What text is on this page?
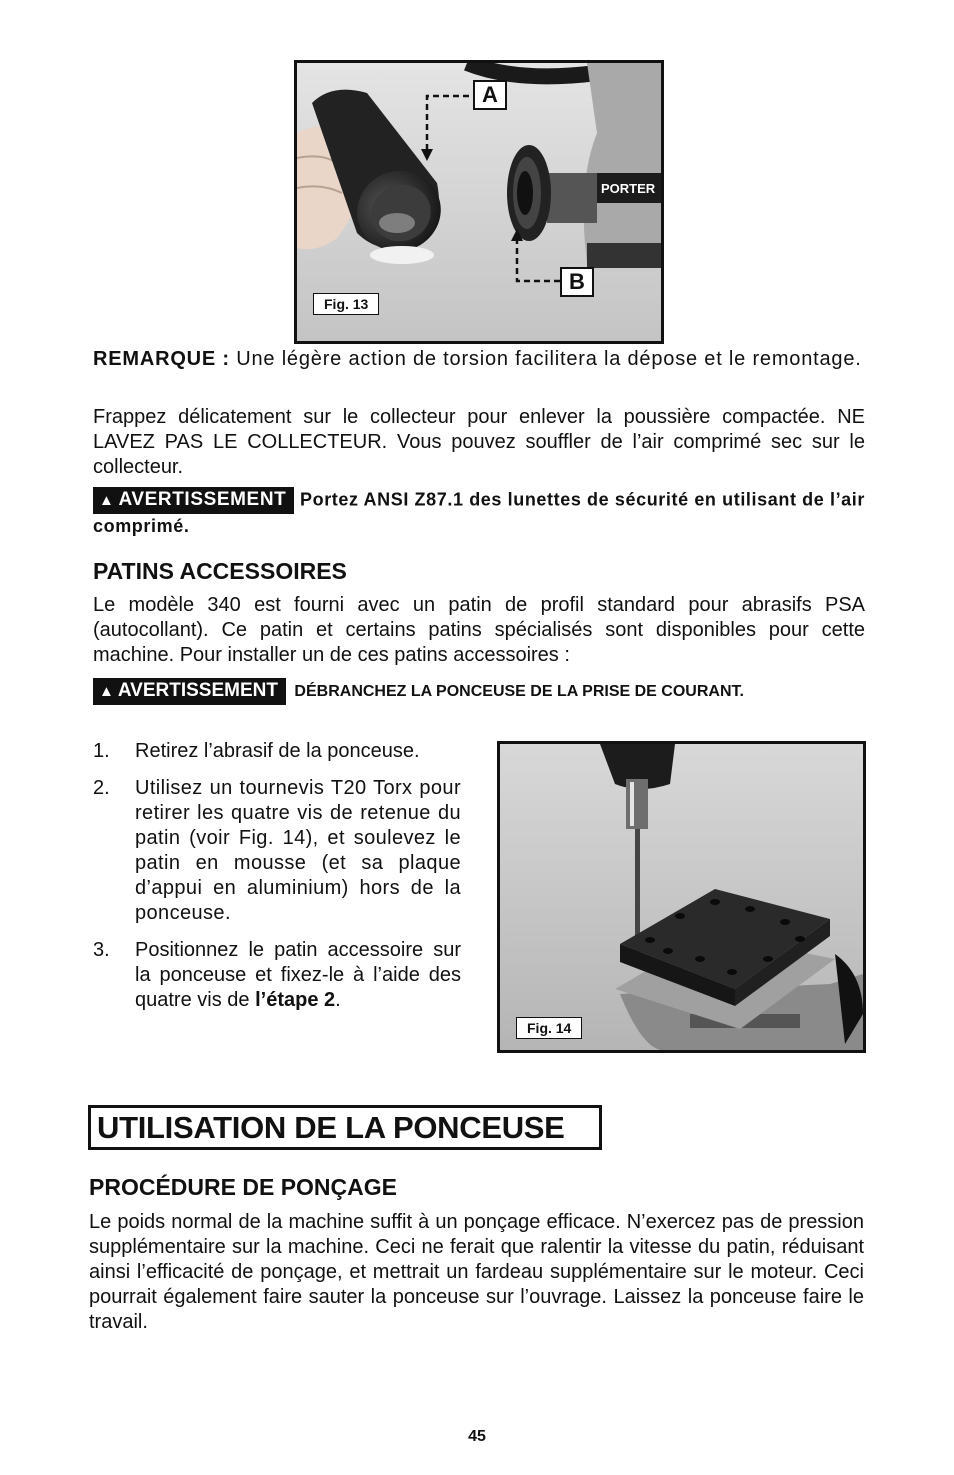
PORTER
A
B
Fig. 13
REMARQUE : Une légère action de torsion facilitera la dépose et le remontage.
Frappez délicatement sur le collecteur pour enlever la poussière compactée. NE LAVEZ PAS LE COLLECTEUR. Vous pouvez souffler de l’air comprimé sec sur le collecteur.
▲ AVERTISSEMENT Portez ANSI Z87.1 des lunettes de sécurité en utilisant de l’air comprimé.
PATINS ACCESSOIRES
Le modèle 340 est fourni avec un patin de profil standard pour abrasifs PSA (autocollant). Ce patin et certains patins spécialisés sont disponibles pour cette machine. Pour installer un de ces patins accessoires :
▲ AVERTISSEMENT DÉBRANCHEZ LA PONCEUSE DE LA PRISE DE COURANT.
1.	Retirez l’abrasif de la ponceuse.
2.	Utilisez un tournevis T20 Torx pour retirer les quatre vis de retenue du patin (voir Fig. 14), et soulevez le patin en mousse (et sa plaque d’appui en aluminium) hors de la ponceuse.
3.	Positionnez le patin accessoire sur la ponceuse et fixez-le à l’aide des quatre vis de l’étape 2.
Fig. 14
UTILISATION DE LA PONCEUSE
PROCÉDURE DE PONÇAGE
Le poids normal de la machine suffit à un ponçage efficace. N’exercez pas de pression supplémentaire sur la machine. Ceci ne ferait que ralentir la vitesse du patin, réduisant ainsi l’efficacité de ponçage, et mettrait un fardeau supplémentaire sur le moteur. Ceci pourrait également faire sauter la ponceuse sur l’ouvrage. Laissez la ponceuse faire le travail.
45
